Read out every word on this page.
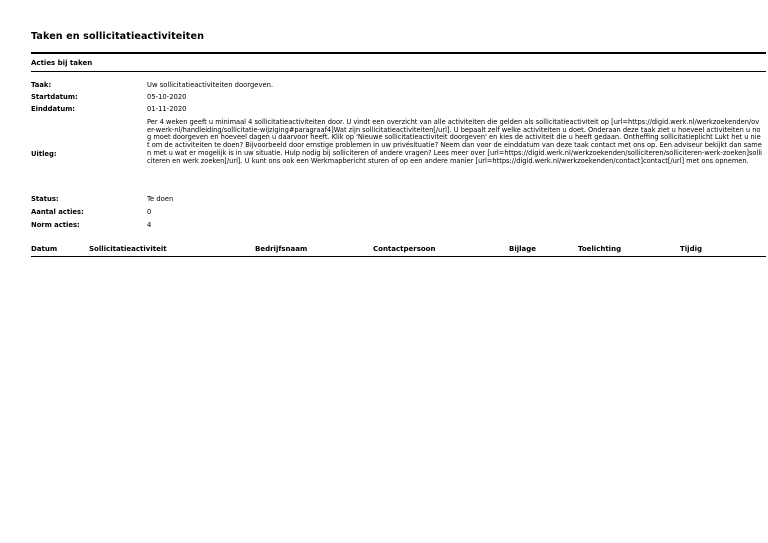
Taken en sollicitatieactiviteiten
Acties bij taken
Taak:	Uw sollicitatieactiviteiten doorgeven.
Startdatum:	05-10-2020
Einddatum:	01-11-2020
Uitleg:
Per 4 weken geeft u minimaal 4 sollicitatieactiviteiten door. U vindt een overzicht van alle activiteiten die gelden als sollicitatieactiviteit op [url=https://digid.werk.nl/werkzoekenden/over-werk-nl/handleiding/sollicitatie-wijziging#paragraaf4]Wat zijn sollicitatieactiviteiten[/url]. U bepaalt zelf welke activiteiten u doet. Onderaan deze taak ziet u hoeveel activiteiten u nog moet doorgeven en hoeveel dagen u daarvoor heeft. Klik op 'Nieuwe sollicitatieactiviteit doorgeven' en kies de activiteit die u heeft gedaan. Ontheffing sollicitatieplicht Lukt het u niet om de activiteiten te doen? Bijvoorbeeld door ernstige problemen in uw privésituatie? Neem dan voor de einddatum van deze taak contact met ons op. Een adviseur bekijkt dan samen met u wat er mogelijk is in uw situatie. Hulp nodig bij solliciteren of andere vragen? Lees meer over [url=https://digid.werk.nl/werkzoekenden/solliciteren/solliciteren-werk-zoeken]solliciteren en werk zoeken[/url]. U kunt ons ook een Werkmapbericht sturen of op een andere manier [url=https://digid.werk.nl/werkzoekenden/contact]contact[/url] met ons opnemen.
Status:	Te doen
Aantal acties:	0
Norm acties:	4
Datum	Sollicitatieactiviteit	Bedrijfsnaam	Contactpersoon	Bijlage	Toelichting	Tijdig
